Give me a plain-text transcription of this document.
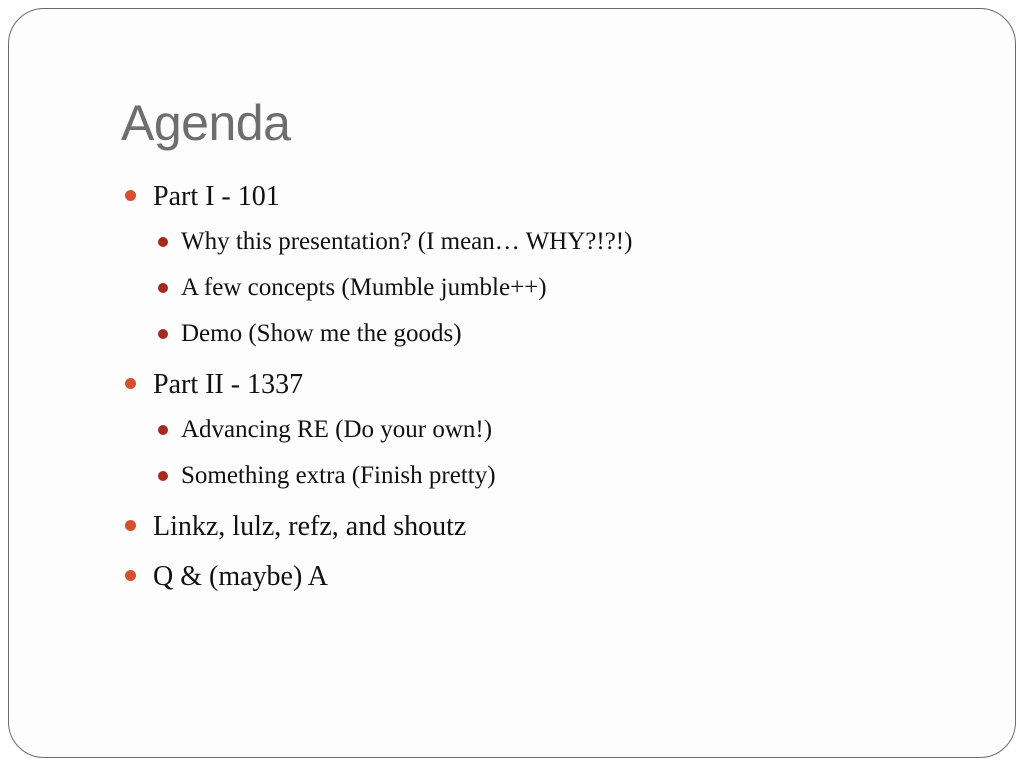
Agenda
Part I - 101
Why this presentation? (I mean… WHY?!?!)
A few concepts (Mumble jumble++)
Demo (Show me the goods)
Part II - 1337
Advancing RE (Do your own!)
Something extra (Finish pretty)
Linkz, lulz, refz, and shoutz
Q & (maybe) A
